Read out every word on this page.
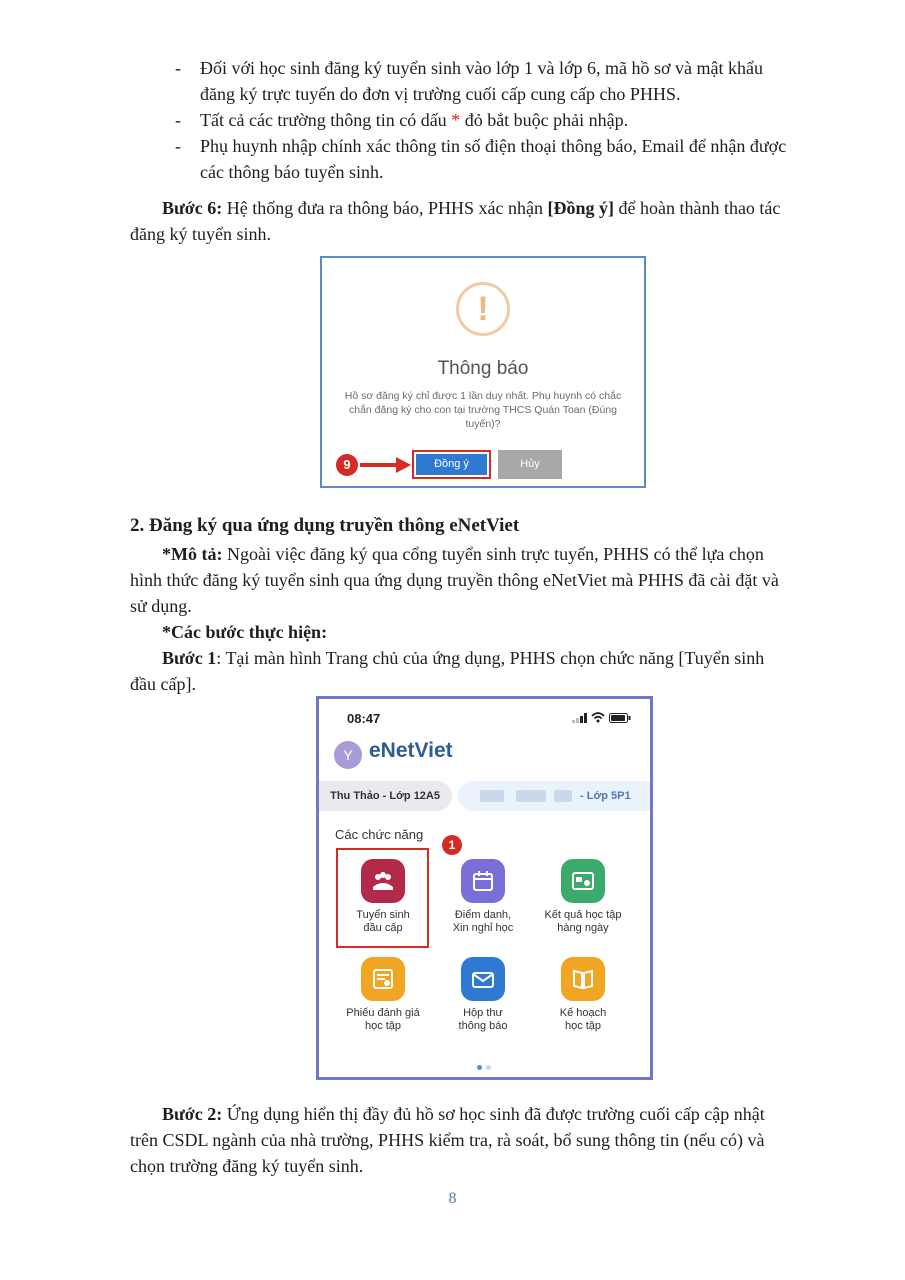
- Đối với học sinh đăng ký tuyển sinh vào lớp 1 và lớp 6, mã hồ sơ và mật khẩu
đăng ký trực tuyến do đơn vị trường cuối cấp cung cấp cho PHHS.
- Tất cả các trường thông tin có dấu * đỏ bắt buộc phải nhập.
- Phụ huynh nhập chính xác thông tin số điện thoại thông báo, Email để nhận được
các thông báo tuyển sinh.
Bước 6: Hệ thống đưa ra thông báo, PHHS xác nhận [Đồng ý] để hoàn thành thao tác
đăng ký tuyển sinh.
!
Thông báo
Hồ sơ đăng ký chỉ được 1 lần duy nhất. Phụ huynh có chắc chắn đăng ký cho con tại trường THCS Quán Toan (Đúng tuyến)?
9	Đồng ý	Hủy
2. Đăng ký qua ứng dụng truyền thông eNetViet
*Mô tả: Ngoài việc đăng ký qua cổng tuyển sinh trực tuyến, PHHS có thể lựa chọn
hình thức đăng ký tuyển sinh qua ứng dụng truyền thông eNetViet mà PHHS đã cài đặt và
sử dụng.
*Các bước thực hiện:
Bước 1: Tại màn hình Trang chủ của ứng dụng, PHHS chọn chức năng [Tuyển sinh
đầu cấp].
08:47
Y eNetViet
Thu Thảo - Lớp 12A5	- Lớp 5P1
Các chức năng
1
Tuyển sinh
đầu cấp
Điểm danh,
Xin nghỉ học
Kết quả học tập
hàng ngày
Phiếu đánh giá
học tập
Hộp thư
thông báo
Kế hoạch
học tập
Bước 2: Ứng dụng hiển thị đầy đủ hồ sơ học sinh đã được trường cuối cấp cập nhật
trên CSDL ngành của nhà trường, PHHS kiểm tra, rà soát, bổ sung thông tin (nếu có) và
chọn trường đăng ký tuyển sinh.
8
